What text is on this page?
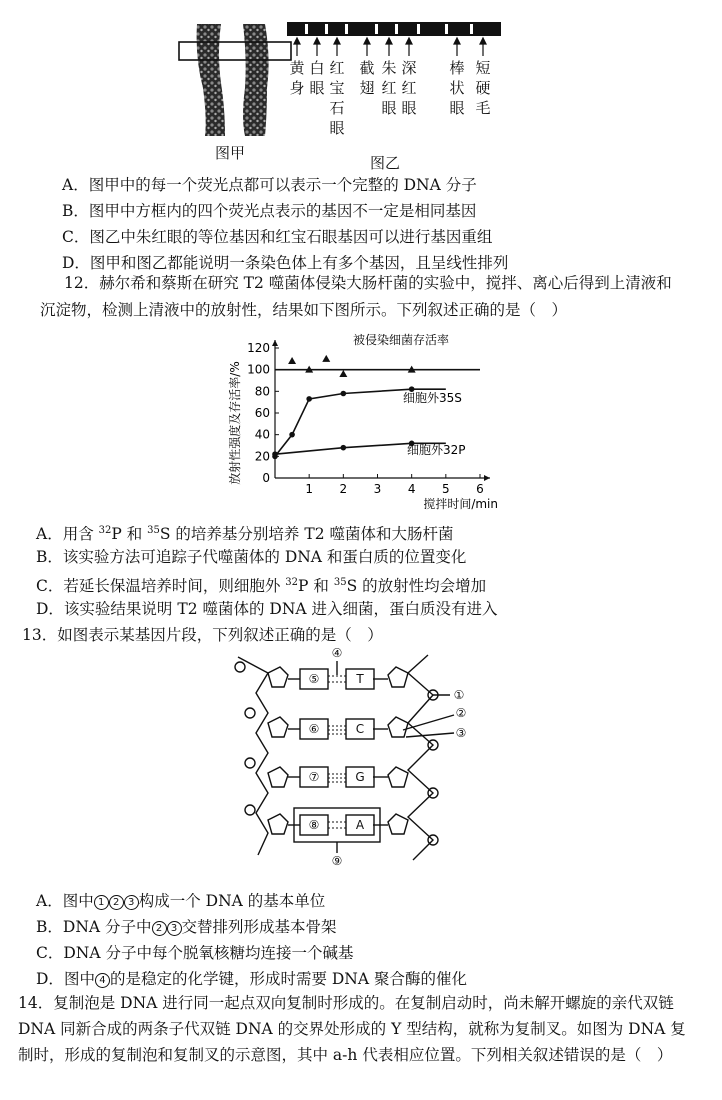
图甲
黄身
白眼
红宝石眼
截翅
朱红眼
深红眼
棒状眼
短硬毛
图乙
A．图甲中的每一个荧光点都可以表示一个完整的 DNA 分子
B．图甲中方框内的四个荧光点表示的基因不一定是相同基因
C．图乙中朱红眼的等位基因和红宝石眼基因可以进行基因重组
D．图甲和图乙都能说明一条染色体上有多个基因，且呈线性排列
12．赫尔希和蔡斯在研究 T2 噬菌体侵染大肠杆菌的实验中，搅拌、离心后得到上清液和沉淀物，检测上清液中的放射性，结果如下图所示。下列叙述正确的是（　）
0
20
40
60
80
100
120
1 2 3 4 5 6
放射性强度及存活率/%
搅拌时间/min
被侵染细菌存活率
细胞外35S
细胞外32P
A．用含 $^{32}$P 和 $^{35}$S 的培养基分别培养 T2 噬菌体和大肠杆菌
B．该实验方法可追踪子代噬菌体的 DNA 和蛋白质的位置变化
C．若延长保温培养时间，则细胞外 $^{32}$P 和 $^{35}$S 的放射性均会增加
D．该实验结果说明 T2 噬菌体的 DNA 进入细菌，蛋白质没有进入
13．如图表示某基因片段，下列叙述正确的是（　）
⑤	T
⑥	C
⑦	G
⑧	A
④
⑨
①
②
③
A．图中 1 2 3 构成一个 DNA 的基本单位
B．DNA 分子中 2 3 交替排列形成基本骨架
C．DNA 分子中每个脱氧核糖均连接一个碱基
D．图中 4 的是稳定的化学键，形成时需要 DNA 聚合酶的催化
14．复制泡是 DNA 进行同一起点双向复制时形成的。在复制启动时，尚未解开螺旋的亲代双链 DNA 同新合成的两条子代双链 DNA 的交界处形成的 Y 型结构，就称为复制叉。如图为 DNA 复制时，形成的复制泡和复制叉的示意图，其中 a-h 代表相应位置。下列相关叙述错误的是（　）
